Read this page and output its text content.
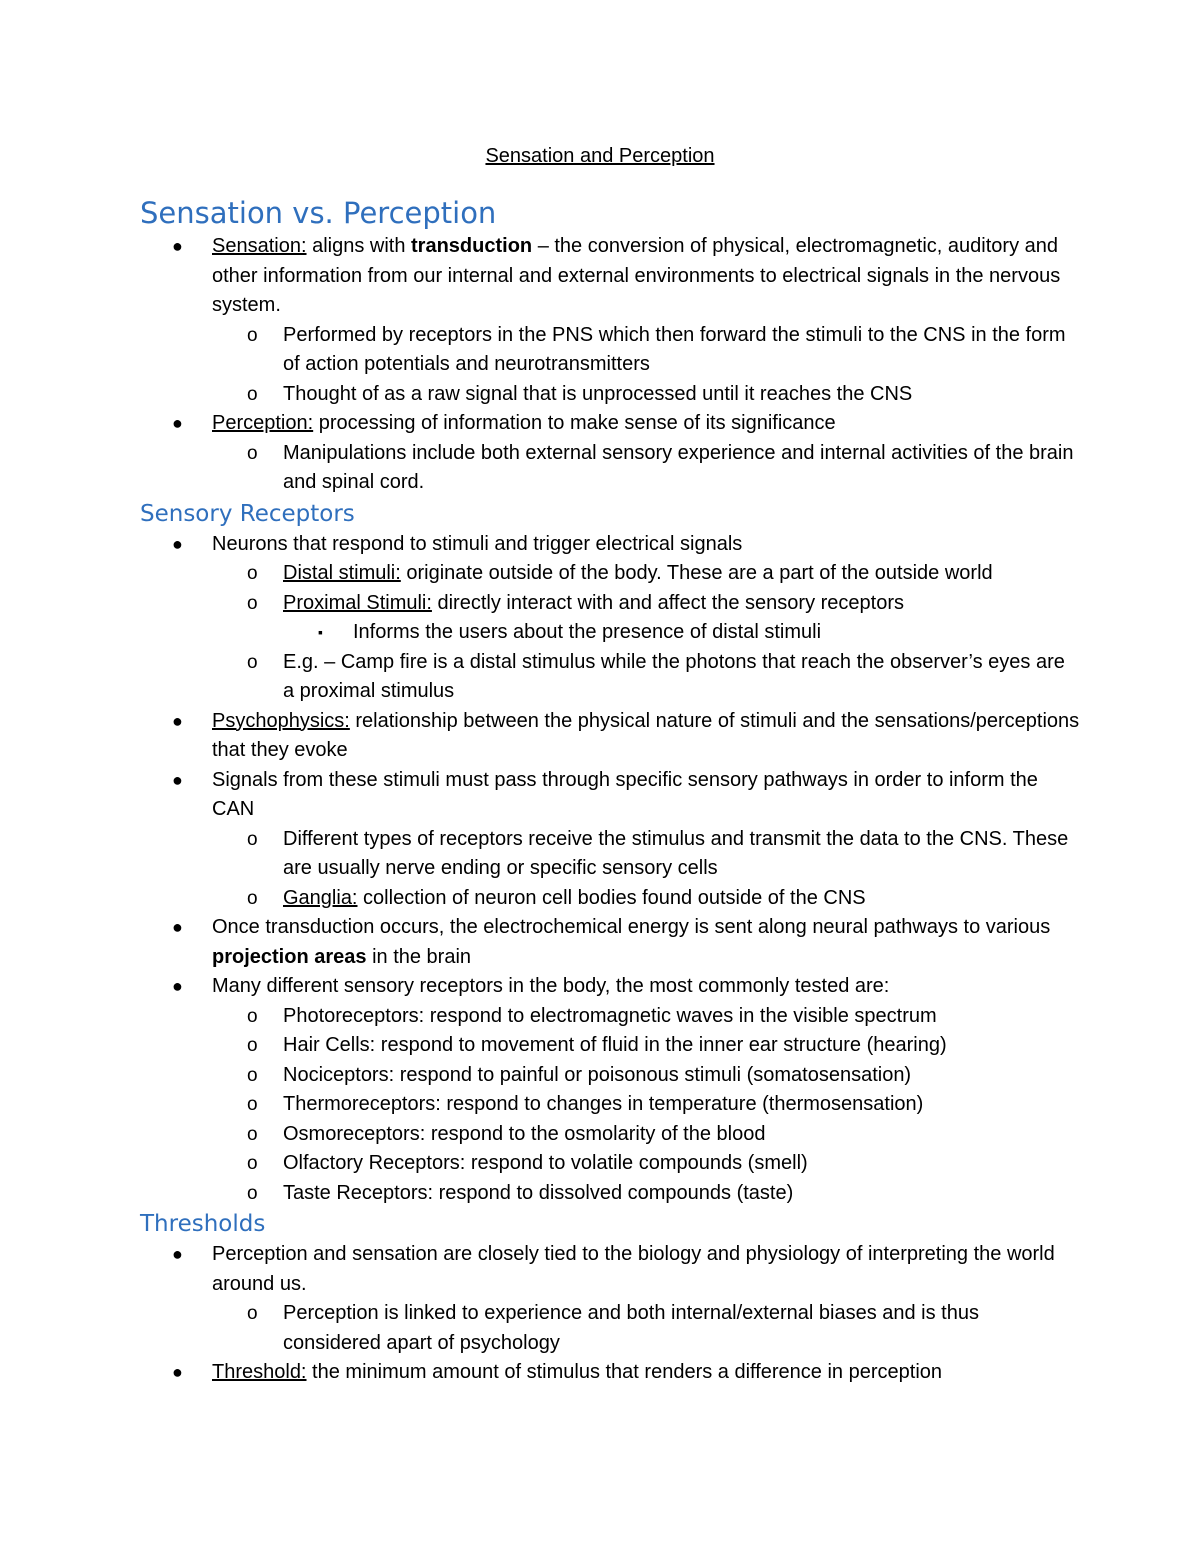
Sensation and Perception
Sensation vs. Perception
● Sensation: aligns with transduction – the conversion of physical, electromagnetic, auditory and other information from our internal and external environments to electrical signals in the nervous system.
o Performed by receptors in the PNS which then forward the stimuli to the CNS in the form of action potentials and neurotransmitters
o Thought of as a raw signal that is unprocessed until it reaches the CNS
● Perception: processing of information to make sense of its significance
o Manipulations include both external sensory experience and internal activities of the brain and spinal cord.
Sensory Receptors
● Neurons that respond to stimuli and trigger electrical signals
o Distal stimuli: originate outside of the body. These are a part of the outside world
o Proximal Stimuli: directly interact with and affect the sensory receptors
▪ Informs the users about the presence of distal stimuli
o E.g. – Camp fire is a distal stimulus while the photons that reach the observer’s eyes are a proximal stimulus
● Psychophysics: relationship between the physical nature of stimuli and the sensations/perceptions that they evoke
● Signals from these stimuli must pass through specific sensory pathways in order to inform the CAN
o Different types of receptors receive the stimulus and transmit the data to the CNS. These are usually nerve ending or specific sensory cells
o Ganglia: collection of neuron cell bodies found outside of the CNS
● Once transduction occurs, the electrochemical energy is sent along neural pathways to various projection areas in the brain
● Many different sensory receptors in the body, the most commonly tested are:
o Photoreceptors: respond to electromagnetic waves in the visible spectrum
o Hair Cells: respond to movement of fluid in the inner ear structure (hearing)
o Nociceptors: respond to painful or poisonous stimuli (somatosensation)
o Thermoreceptors: respond to changes in temperature (thermosensation)
o Osmoreceptors: respond to the osmolarity of the blood
o Olfactory Receptors: respond to volatile compounds (smell)
o Taste Receptors: respond to dissolved compounds (taste)
Thresholds
● Perception and sensation are closely tied to the biology and physiology of interpreting the world around us.
o Perception is linked to experience and both internal/external biases and is thus considered apart of psychology
● Threshold: the minimum amount of stimulus that renders a difference in perception
